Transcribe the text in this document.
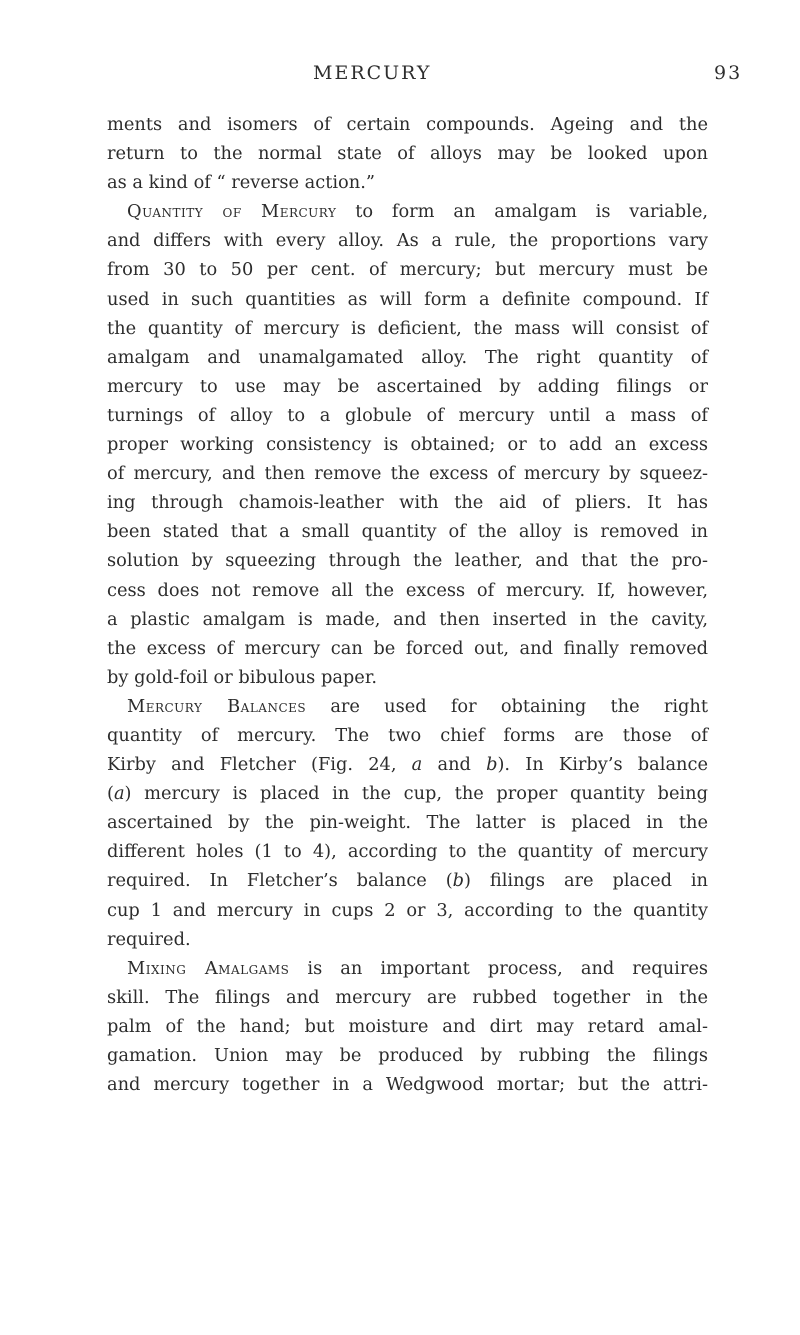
MERCURY	93
ments and isomers of certain compounds. Ageing and the
return to the normal state of alloys may be looked upon
as a kind of “ reverse action.”
Quantity of Mercury to form an amalgam is variable,
and differs with every alloy. As a rule, the proportions vary
from 30 to 50 per cent. of mercury; but mercury must be
used in such quantities as will form a definite compound. If
the quantity of mercury is deficient, the mass will consist of
amalgam and unamalgamated alloy. The right quantity of
mercury to use may be ascertained by adding filings or
turnings of alloy to a globule of mercury until a mass of
proper working consistency is obtained; or to add an excess
of mercury, and then remove the excess of mercury by squeez-
ing through chamois-leather with the aid of pliers. It has
been stated that a small quantity of the alloy is removed in
solution by squeezing through the leather, and that the pro-
cess does not remove all the excess of mercury. If, however,
a plastic amalgam is made, and then inserted in the cavity,
the excess of mercury can be forced out, and finally removed
by gold-foil or bibulous paper.
Mercury Balances are used for obtaining the right
quantity of mercury. The two chief forms are those of
Kirby and Fletcher (Fig. 24, a and b). In Kirby’s balance
(a) mercury is placed in the cup, the proper quantity being
ascertained by the pin-weight. The latter is placed in the
different holes (1 to 4), according to the quantity of mercury
required. In Fletcher’s balance (b) filings are placed in
cup 1 and mercury in cups 2 or 3, according to the quantity
required.
Mixing Amalgams is an important process, and requires
skill. The filings and mercury are rubbed together in the
palm of the hand; but moisture and dirt may retard amal-
gamation. Union may be produced by rubbing the filings
and mercury together in a Wedgwood mortar; but the attri-
